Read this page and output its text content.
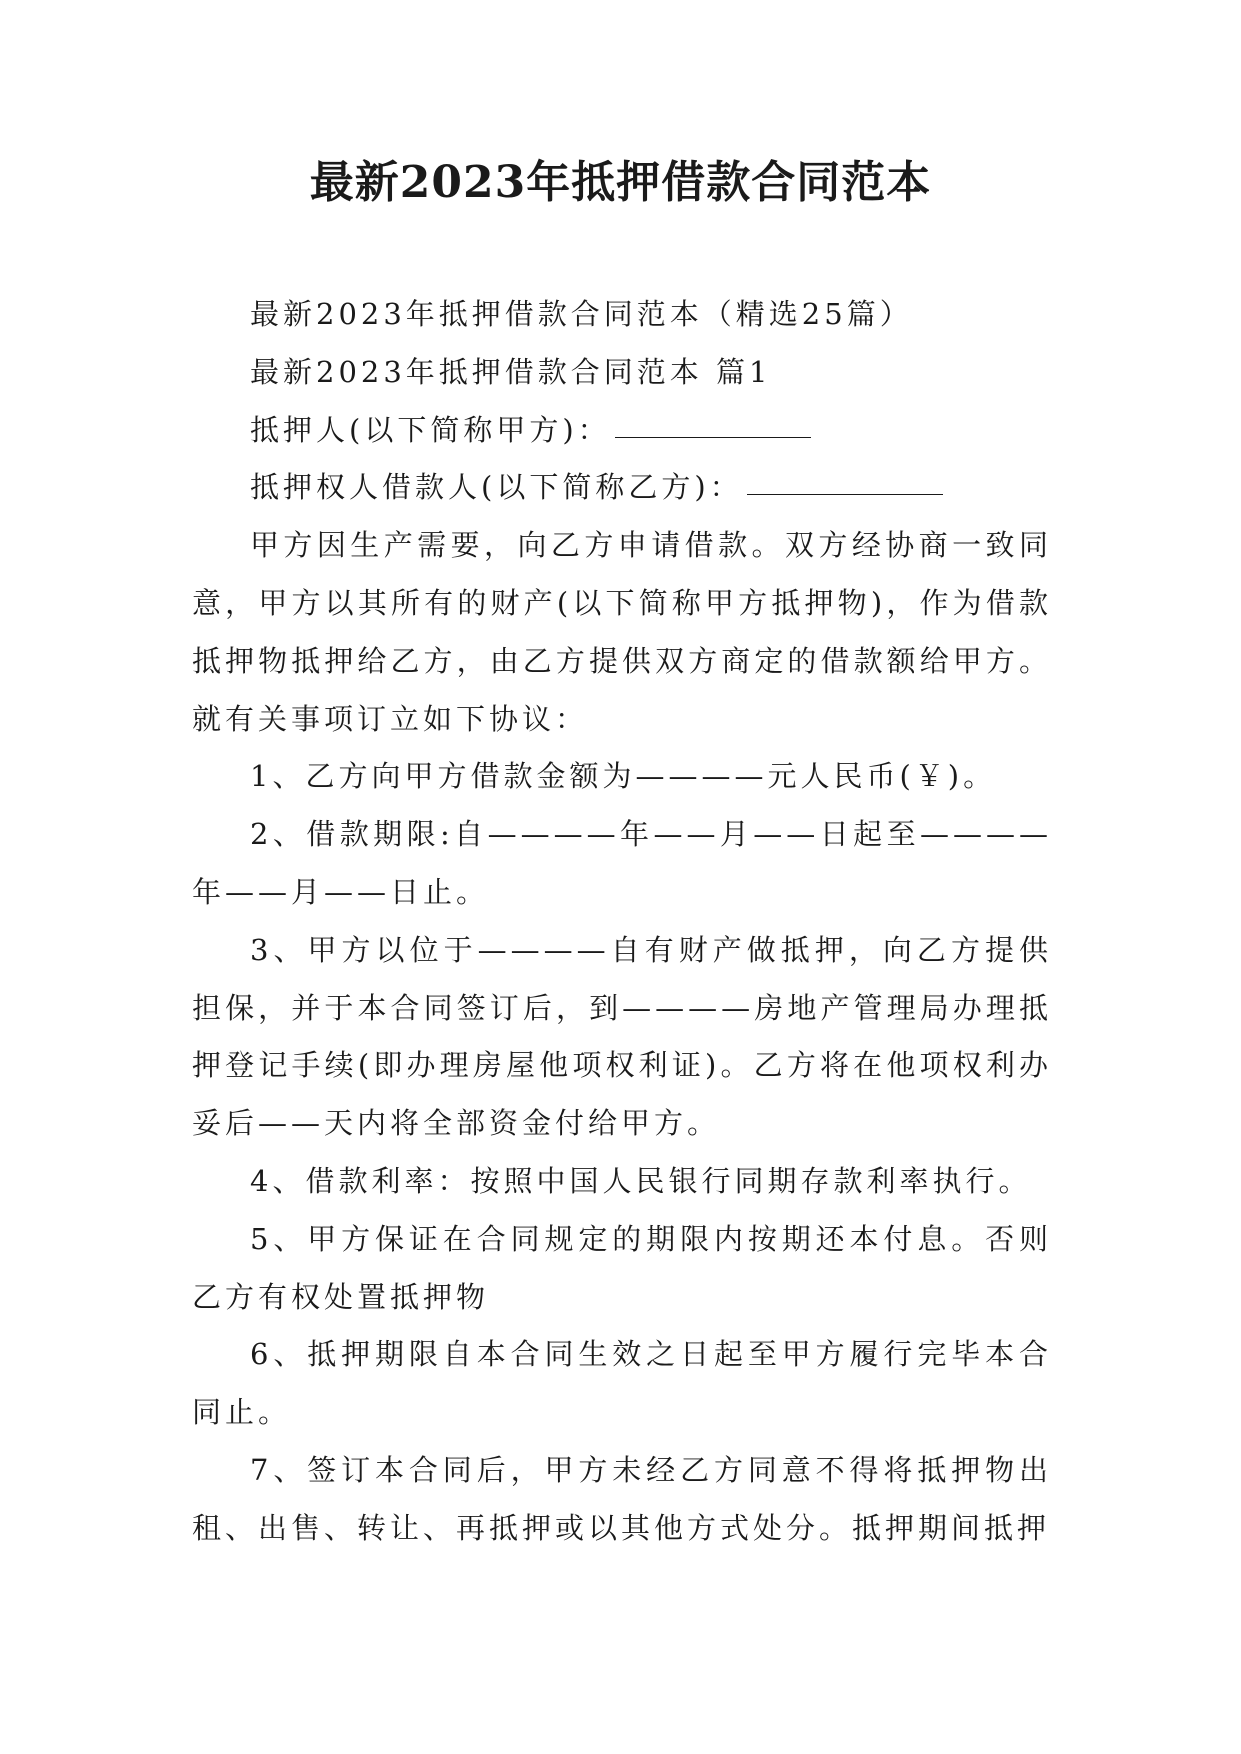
最新2023年抵押借款合同范本

最新2023年抵押借款合同范本（精选25篇）

最新2023年抵押借款合同范本 篇1

抵押人(以下简称甲方)：

抵押权人借款人(以下简称乙方)：

甲方因生产需要，向乙方申请借款。双方经协商一致同意，甲方以其所有的财产(以下简称甲方抵押物)，作为借款抵押物抵押给乙方，由乙方提供双方商定的借款额给甲方。就有关事项订立如下协议：

1、乙方向甲方借款金额为————元人民币(￥)。

2、借款期限:自————年——月——日起至————年——月——日止。

3、甲方以位于————自有财产做抵押，向乙方提供担保，并于本合同签订后，到————房地产管理局办理抵押登记手续(即办理房屋他项权利证)。乙方将在他项权利办妥后——天内将全部资金付给甲方。

4、借款利率：按照中国人民银行同期存款利率执行。

5、甲方保证在合同规定的期限内按期还本付息。否则乙方有权处置抵押物

6、抵押期限自本合同生效之日起至甲方履行完毕本合同止。

7、签订本合同后，甲方未经乙方同意不得将抵押物出租、出售、转让、再抵押或以其他方式处分。抵押期间抵押
